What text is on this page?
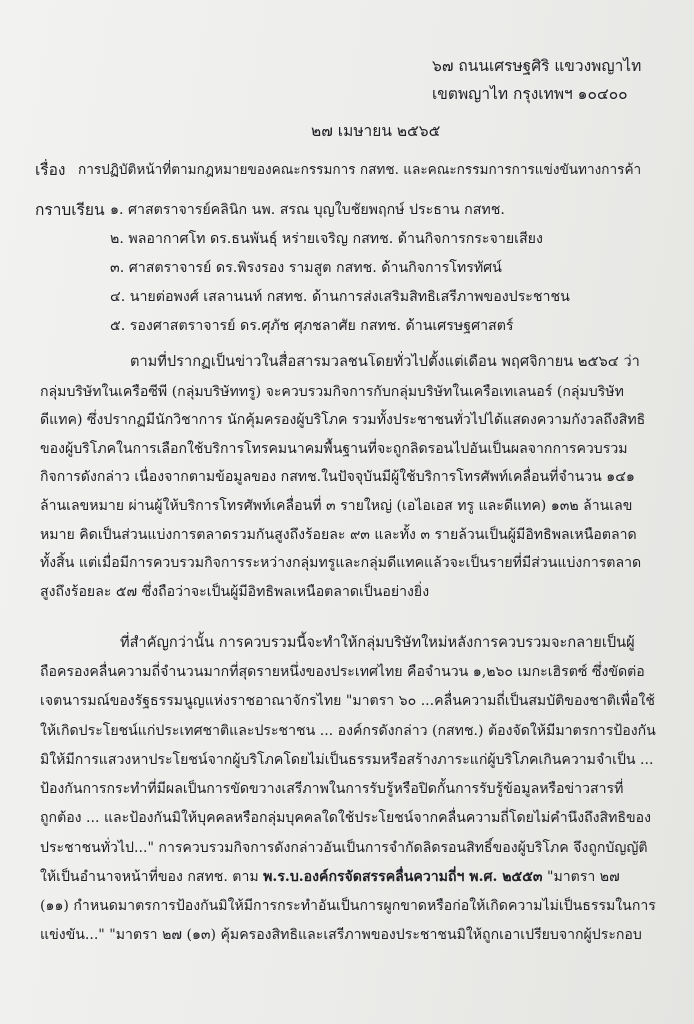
๖๗ ถนนเศรษฐศิริ แขวงพญาไท
เขตพญาไท กรุงเทพฯ ๑๐๔๐๐
๒๗ เมษายน ๒๕๖๕
เรื่อง การปฏิบัติหน้าที่ตามกฎหมายของคณะกรรมการ กสทช. และคณะกรรมการการแข่งขันทางการค้า
กราบเรียน ๑. ศาสตราจารย์คลินิก นพ. สรณ บุญใบชัยพฤกษ์ ประธาน กสทช.
๒. พลอากาศโท ดร.ธนพันธุ์ หร่ายเจริญ กสทช. ด้านกิจการกระจายเสียง
๓. ศาสตราจารย์ ดร.พิรงรอง รามสูต กสทช. ด้านกิจการโทรทัศน์
๔. นายต่อพงศ์ เสลานนท์ กสทช. ด้านการส่งเสริมสิทธิเสรีภาพของประชาชน
๕. รองศาสตราจารย์ ดร.ศุภัช ศุภชลาศัย กสทช. ด้านเศรษฐศาสตร์
ตามที่ปรากฏเป็นข่าวในสื่อสารมวลชนโดยทั่วไปตั้งแต่เดือน พฤศจิกายน ๒๕๖๔ ว่า
กลุ่มบริษัทในเครือซีพี (กลุ่มบริษัททรู) จะควบรวมกิจการกับกลุ่มบริษัทในเครือเทเลนอร์ (กลุ่มบริษัท
ดีแทค) ซึ่งปรากฏมีนักวิชาการ นักคุ้มครองผู้บริโภค รวมทั้งประชาชนทั่วไปได้แสดงความกังวลถึงสิทธิ
ของผู้บริโภคในการเลือกใช้บริการโทรคมนาคมพื้นฐานที่จะถูกลิดรอนไปอันเป็นผลจากการควบรวม
กิจการดังกล่าว เนื่องจากตามข้อมูลของ กสทช.ในปัจจุบันมีผู้ใช้บริการโทรศัพท์เคลื่อนที่จำนวน ๑๔๑
ล้านเลขหมาย ผ่านผู้ให้บริการโทรศัพท์เคลื่อนที่ ๓ รายใหญ่ (เอไอเอส ทรู และดีแทค) ๑๓๒ ล้านเลข
หมาย คิดเป็นส่วนแบ่งการตลาดรวมกันสูงถึงร้อยละ ๙๓ และทั้ง ๓ รายล้วนเป็นผู้มีอิทธิพลเหนือตลาด
ทั้งสิ้น แต่เมื่อมีการควบรวมกิจการระหว่างกลุ่มทรูและกลุ่มดีแทคแล้วจะเป็นรายที่มีส่วนแบ่งการตลาด
สูงถึงร้อยละ ๕๗ ซึ่งถือว่าจะเป็นผู้มีอิทธิพลเหนือตลาดเป็นอย่างยิ่ง
ที่สำคัญกว่านั้น การควบรวมนี้จะทำให้กลุ่มบริษัทใหม่หลังการควบรวมจะกลายเป็นผู้
ถือครองคลื่นความถี่จำนวนมากที่สุดรายหนึ่งของประเทศไทย คือจำนวน ๑,๒๖๐ เมกะเฮิรตซ์ ซึ่งขัดต่อ
เจตนารมณ์ของรัฐธรรมนูญแห่งราชอาณาจักรไทย "มาตรา ๖๐ ...คลื่นความถี่เป็นสมบัติของชาติเพื่อใช้
ให้เกิดประโยชน์แก่ประเทศชาติและประชาชน ... องค์กรดังกล่าว (กสทช.) ต้องจัดให้มีมาตรการป้องกัน
มิให้มีการแสวงหาประโยชน์จากผู้บริโภคโดยไม่เป็นธรรมหรือสร้างภาระแก่ผู้บริโภคเกินความจำเป็น ...
ป้องกันการกระทำที่มีผลเป็นการขัดขวางเสรีภาพในการรับรู้หรือปิดกั้นการรับรู้ข้อมูลหรือข่าวสารที่
ถูกต้อง ... และป้องกันมิให้บุคคลหรือกลุ่มบุคคลใดใช้ประโยชน์จากคลื่นความถี่โดยไม่คำนึงถึงสิทธิของ
ประชาชนทั่วไป..." การควบรวมกิจการดังกล่าวอันเป็นการจำกัดลิดรอนสิทธิ์ของผู้บริโภค จึงถูกบัญญัติ
ให้เป็นอำนาจหน้าที่ของ กสทช. ตาม พ.ร.บ.องค์กรจัดสรรคลื่นความถี่ฯ พ.ศ. ๒๕๕๓ "มาตรา ๒๗
(๑๑) กำหนดมาตรการป้องกันมิให้มีการกระทำอันเป็นการผูกขาดหรือก่อให้เกิดความไม่เป็นธรรมในการ
แข่งขัน..." "มาตรา ๒๗ (๑๓) คุ้มครองสิทธิและเสรีภาพของประชาชนมิให้ถูกเอาเปรียบจากผู้ประกอบ
